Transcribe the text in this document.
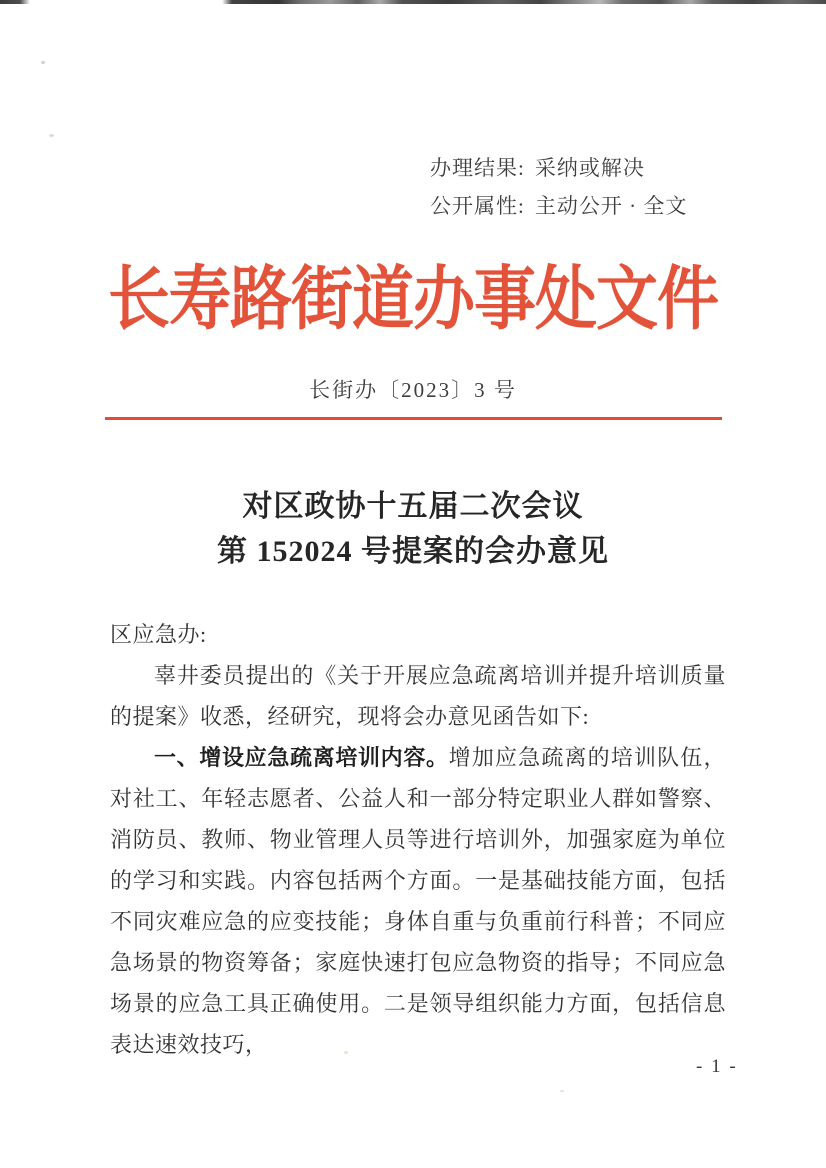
办理结果: 采纳或解决
公开属性: 主动公开 · 全文
长寿路街道办事处文件
长街办〔2023〕3 号
对区政协十五届二次会议
第 152024 号提案的会办意见

区应急办:

辜井委员提出的《关于开展应急疏离培训并提升培训质量的提案》收悉，经研究，现将会办意见函告如下:

一、增设应急疏离培训内容。增加应急疏离的培训队伍，对社工、年轻志愿者、公益人和一部分特定职业人群如警察、消防员、教师、物业管理人员等进行培训外，加强家庭为单位的学习和实践。内容包括两个方面。一是基础技能方面，包括不同灾难应急的应变技能；身体自重与负重前行科普；不同应急场景的物资筹备；家庭快速打包应急物资的指导；不同应急场景的应急工具正确使用。二是领导组织能力方面，包括信息表达速效技巧，

- 1 -
